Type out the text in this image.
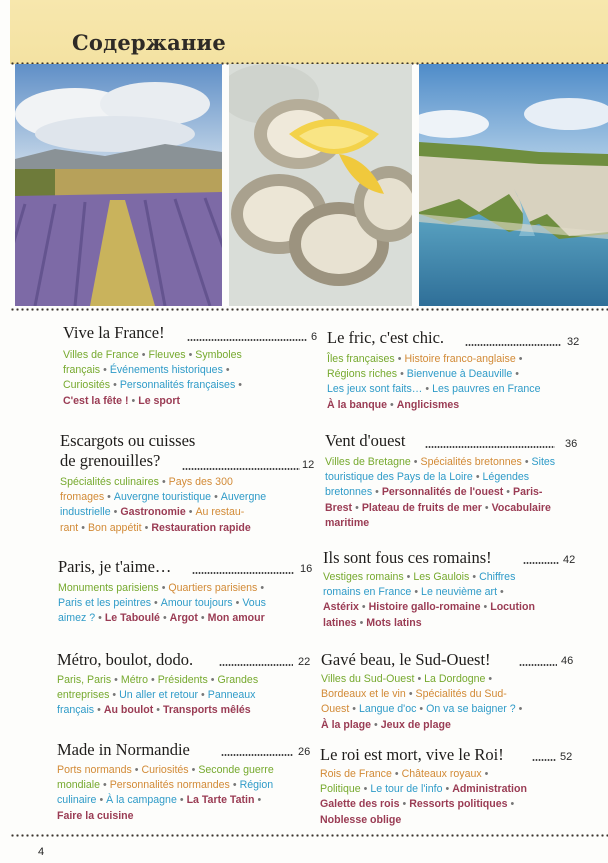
Содержание
Vive la France!	6
Villes de France • Fleuves • Symboles
français • Événements historiques •
Curiosités • Personnalités françaises •
C'est la fête ! • Le sport
Escargots ou cuisses
de grenouilles?	12
Spécialités culinaires • Pays des 300
fromages • Auvergne touristique • Auvergne
industrielle • Gastronomie • Au restau-
rant • Bon appétit • Restauration rapide
Paris, je t'aime…	16
Monuments parisiens • Quartiers parisiens •
Paris et les peintres • Amour toujours • Vous
aimez ? • Le Taboulé • Argot • Mon amour
Métro, boulot, dodo.	22
Paris, Paris • Métro • Présidents • Grandes
entreprises • Un aller et retour • Panneaux
français • Au boulot • Transports mêlés
Made in Normandie	26
Ports normands • Curiosités • Seconde guerre
mondiale • Personnalités normandes • Région
culinaire • À la campagne • La Tarte Tatin •
Faire la cuisine
Le fric, c'est chic.	32
Îles françaises • Histoire franco-anglaise •
Régions riches • Bienvenue à Deauville •
Les jeux sont faits… • Les pauvres en France
À la banque • Anglicismes
Vent d'ouest	36
Villes de Bretagne • Spécialités bretonnes • Sites
touristique des Pays de la Loire • Légendes
bretonnes • Personnalités de l'ouest • Paris-
Brest • Plateau de fruits de mer • Vocabulaire
maritime
Ils sont fous ces romains!	42
Vestiges romains • Les Gaulois • Chiffres
romains en France • Le neuvième art •
Astérix • Histoire gallo-romaine • Locution
latines • Mots latins
Gavé beau, le Sud-Ouest!	46
Villes du Sud-Ouest • La Dordogne •
Bordeaux et le vin • Spécialités du Sud-
Ouest • Langue d'oc • On va se baigner ? •
À la plage • Jeux de plage
Le roi est mort, vive le Roi!	52
Rois de France • Châteaux royaux •
Politique • Le tour de l'info • Administration
Galette des rois • Ressorts politiques •
Noblesse oblige
4
